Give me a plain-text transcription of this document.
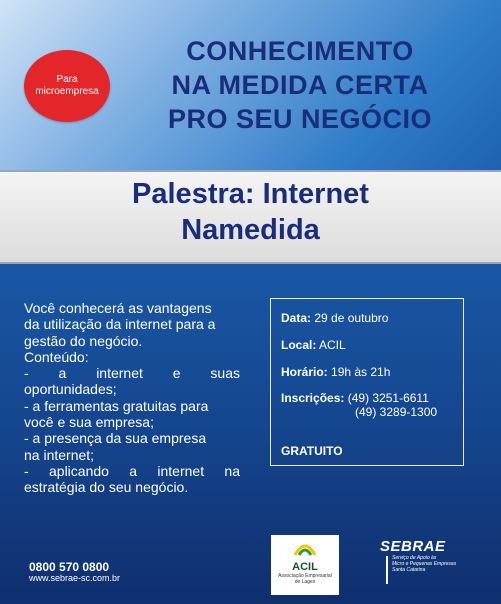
Para
microempresa
CONHECIMENTO
NA MEDIDA CERTA
PRO SEU NEGÓCIO
Palestra: Internet
Namedida
Você conhecerá as vantagens
da utilização da internet para a
gestão do negócio.
Conteúdo:
- a internet e suas
oportunidades;
- a ferramentas gratuitas para
você e sua empresa;
- a presença da sua empresa
na internet;
- aplicando a internet na
estratégia do seu negócio.
Data: 29 de outubro
Local: ACIL
Horário: 19h às 21h
Inscrições: (49) 3251-6611
(49) 3289-1300
GRATUITO
0800 570 0800
www.sebrae-sc.com.br
ACIL
Associação Empresarial
de Lages
SEBRAE
Serviço de Apoio às
Micro e Pequenas Empresas
Santa Catarina
